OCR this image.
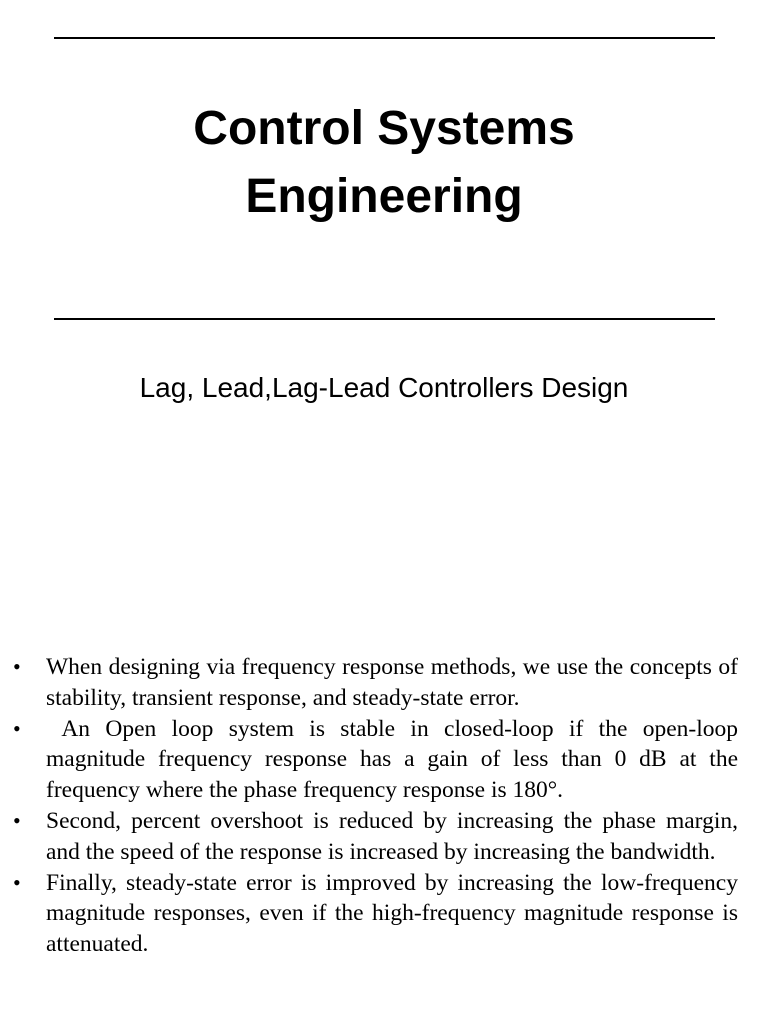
Control Systems
Engineering

Lag, Lead,Lag-Lead Controllers Design

• When designing via frequency response methods, we use the concepts of stability, transient response, and steady-state error.
• An Open loop system is stable in closed-loop if the open-loop magnitude frequency response has a gain of less than 0 dB at the frequency where the phase frequency response is 180°.
• Second, percent overshoot is reduced by increasing the phase margin, and the speed of the response is increased by increasing the bandwidth.
• Finally, steady-state error is improved by increasing the low-frequency magnitude responses, even if the high-frequency magnitude response is attenuated.
